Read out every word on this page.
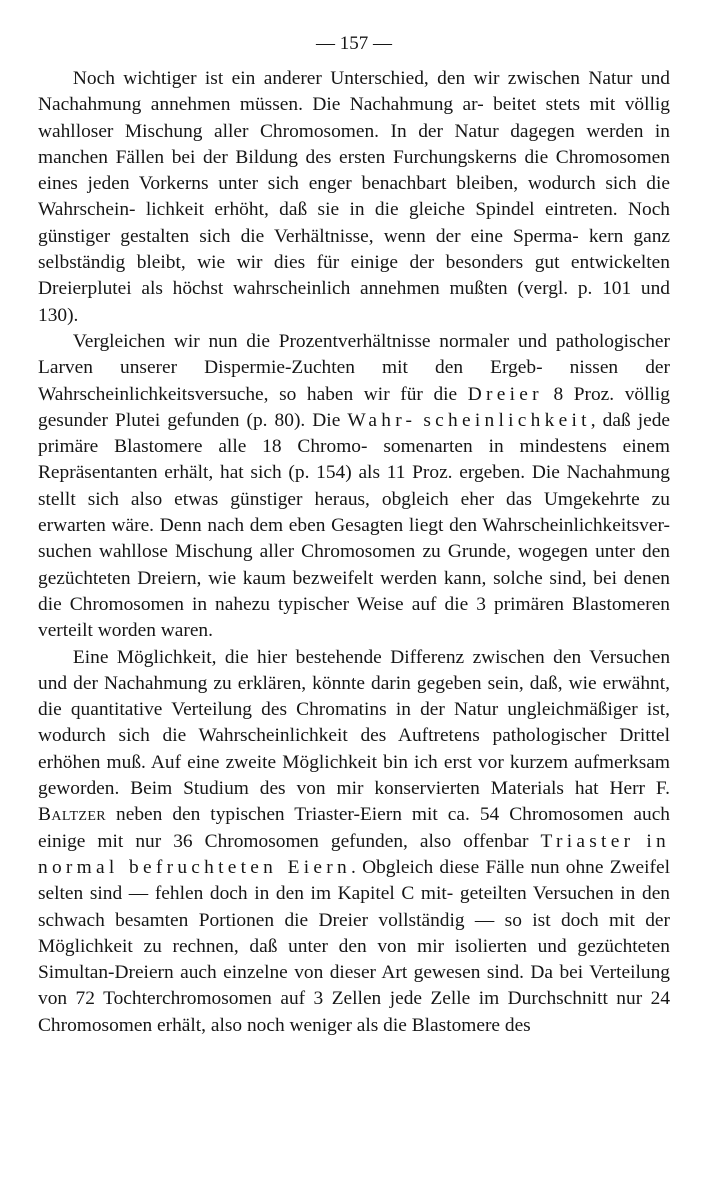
— 157 —

Noch wichtiger ist ein anderer Unterschied, den wir zwischen Natur und Nachahmung annehmen müssen. Die Nachahmung ar- beitet stets mit völlig wahlloser Mischung aller Chromosomen. In der Natur dagegen werden in manchen Fällen bei der Bildung des ersten Furchungskerns die Chromosomen eines jeden Vorkerns unter sich enger benachbart bleiben, wodurch sich die Wahrschein- lichkeit erhöht, daß sie in die gleiche Spindel eintreten. Noch günstiger gestalten sich die Verhältnisse, wenn der eine Sperma- kern ganz selbständig bleibt, wie wir dies für einige der besonders gut entwickelten Dreierplutei als höchst wahrscheinlich annehmen mußten (vergl. p. 101 und 130).

Vergleichen wir nun die Prozentverhältnisse normaler und pathologischer Larven unserer Dispermie-Zuchten mit den Ergeb- nissen der Wahrscheinlichkeitsversuche, so haben wir für die Dreier 8 Proz. völlig gesunder Plutei gefunden (p. 80). Die Wahr- scheinlichkeit, daß jede primäre Blastomere alle 18 Chromo- somenarten in mindestens einem Repräsentanten erhält, hat sich (p. 154) als 11 Proz. ergeben. Die Nachahmung stellt sich also etwas günstiger heraus, obgleich eher das Umgekehrte zu erwarten wäre. Denn nach dem eben Gesagten liegt den Wahrscheinlichkeitsver- suchen wahllose Mischung aller Chromosomen zu Grunde, wogegen unter den gezüchteten Dreiern, wie kaum bezweifelt werden kann, solche sind, bei denen die Chromosomen in nahezu typischer Weise auf die 3 primären Blastomeren verteilt worden waren.

Eine Möglichkeit, die hier bestehende Differenz zwischen den Versuchen und der Nachahmung zu erklären, könnte darin gegeben sein, daß, wie erwähnt, die quantitative Verteilung des Chromatins in der Natur ungleichmäßiger ist, wodurch sich die Wahrscheinlichkeit des Auftretens pathologischer Drittel erhöhen muß. Auf eine zweite Möglichkeit bin ich erst vor kurzem aufmerksam geworden. Beim Studium des von mir konservierten Materials hat Herr F. Baltzer neben den typischen Triaster-Eiern mit ca. 54 Chromosomen auch einige mit nur 36 Chromosomen gefunden, also offenbar Triaster in normal befruchteten Eiern. Obgleich diese Fälle nun ohne Zweifel selten sind — fehlen doch in den im Kapitel C mit- geteilten Versuchen in den schwach besamten Portionen die Dreier vollständig — so ist doch mit der Möglichkeit zu rechnen, daß unter den von mir isolierten und gezüchteten Simultan-Dreiern auch einzelne von dieser Art gewesen sind. Da bei Verteilung von 72 Tochterchromosomen auf 3 Zellen jede Zelle im Durchschnitt nur 24 Chromosomen erhält, also noch weniger als die Blastomere des
